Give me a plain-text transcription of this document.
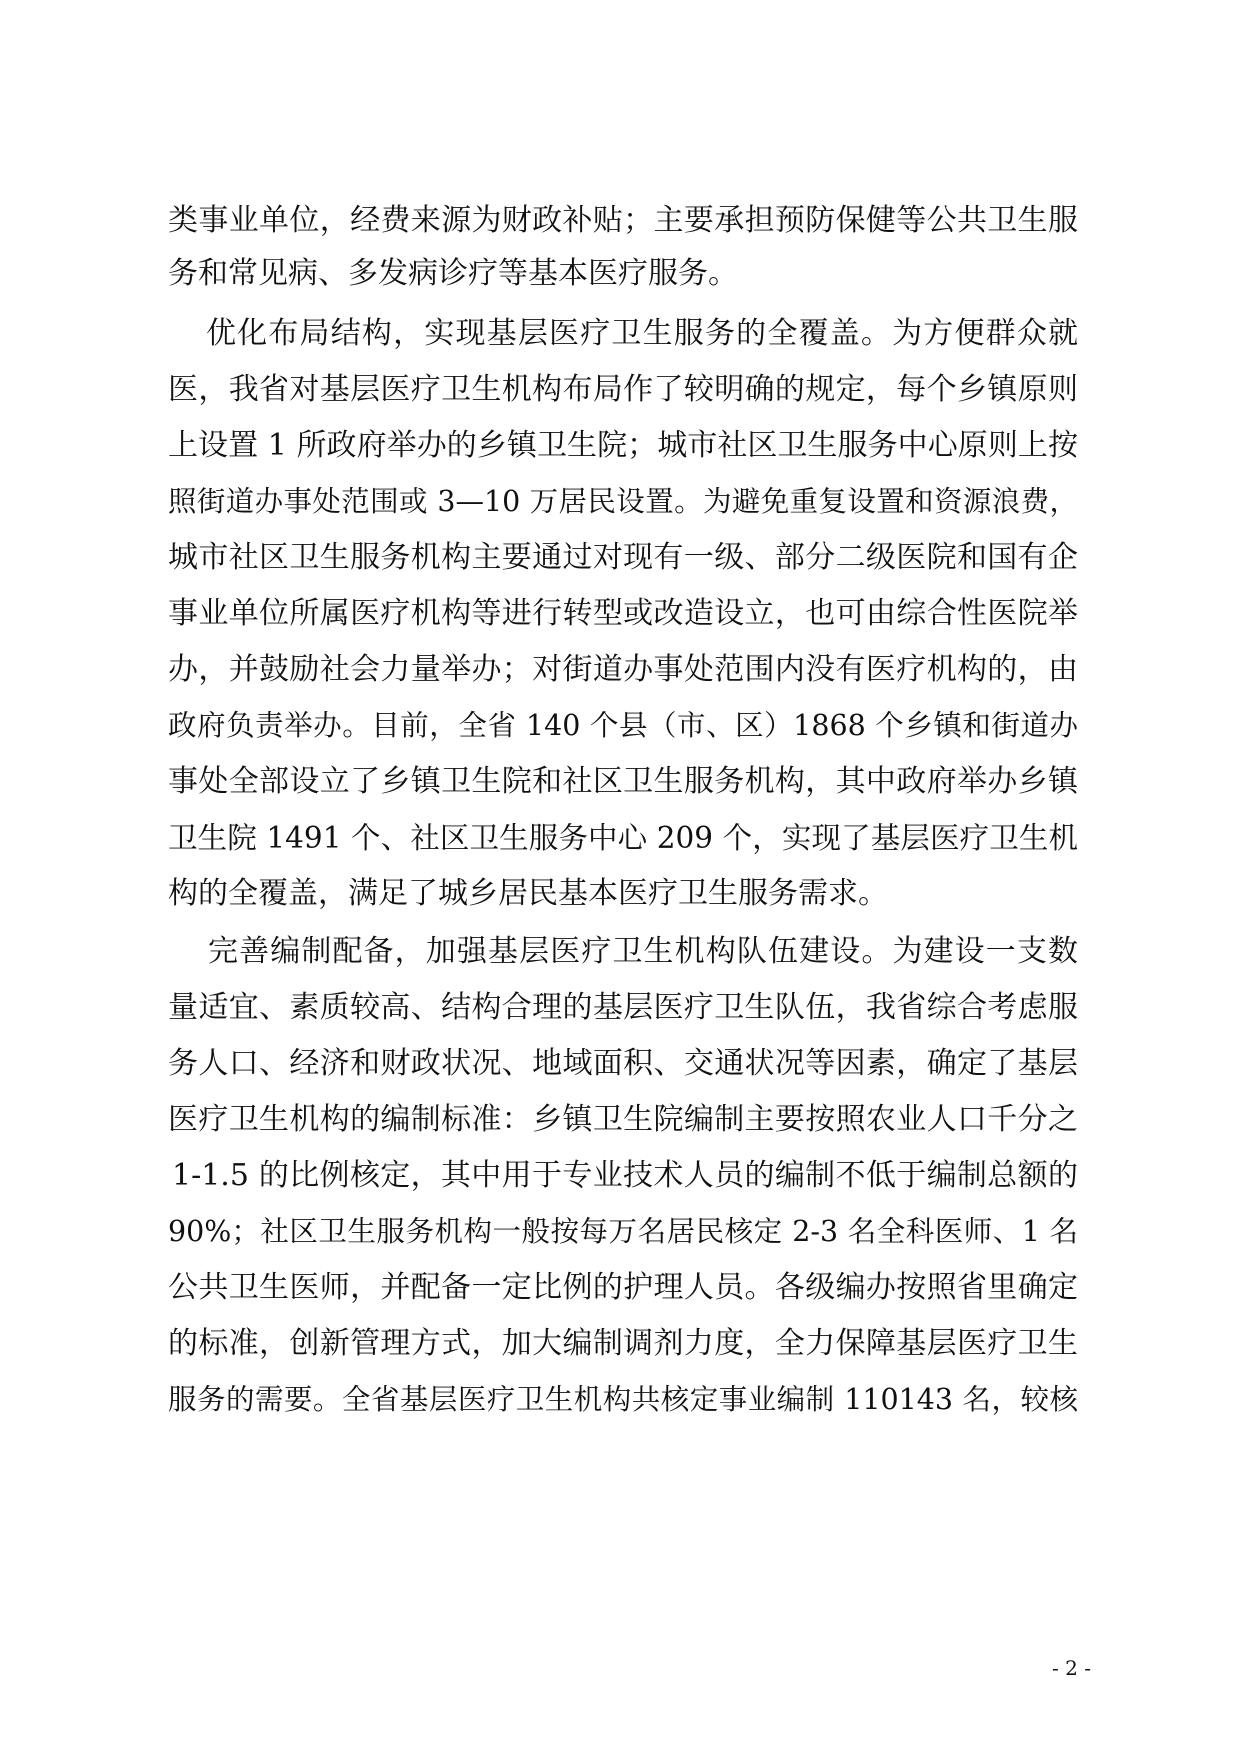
类事业单位，经费来源为财政补贴；主要承担预防保健等公共卫生服
务和常见病、多发病诊疗等基本医疗服务。
优化布局结构，实现基层医疗卫生服务的全覆盖。为方便群众就
医，我省对基层医疗卫生机构布局作了较明确的规定，每个乡镇原则
上设置 1 所政府举办的乡镇卫生院；城市社区卫生服务中心原则上按
照街道办事处范围或 3—10 万居民设置。为避免重复设置和资源浪费，
城市社区卫生服务机构主要通过对现有一级、部分二级医院和国有企
事业单位所属医疗机构等进行转型或改造设立，也可由综合性医院举
办，并鼓励社会力量举办；对街道办事处范围内没有医疗机构的，由
政府负责举办。目前，全省 140 个县（市、区）1868 个乡镇和街道办
事处全部设立了乡镇卫生院和社区卫生服务机构，其中政府举办乡镇
卫生院 1491 个、社区卫生服务中心 209 个，实现了基层医疗卫生机
构的全覆盖，满足了城乡居民基本医疗卫生服务需求。
完善编制配备，加强基层医疗卫生机构队伍建设。为建设一支数
量适宜、素质较高、结构合理的基层医疗卫生队伍，我省综合考虑服
务人口、经济和财政状况、地域面积、交通状况等因素，确定了基层
医疗卫生机构的编制标准：乡镇卫生院编制主要按照农业人口千分之
1-1.5 的比例核定，其中用于专业技术人员的编制不低于编制总额的
90%；社区卫生服务机构一般按每万名居民核定 2-3 名全科医师、1 名
公共卫生医师，并配备一定比例的护理人员。各级编办按照省里确定
的标准，创新管理方式，加大编制调剂力度，全力保障基层医疗卫生
服务的需要。全省基层医疗卫生机构共核定事业编制 110143 名，较核
- 2 -
